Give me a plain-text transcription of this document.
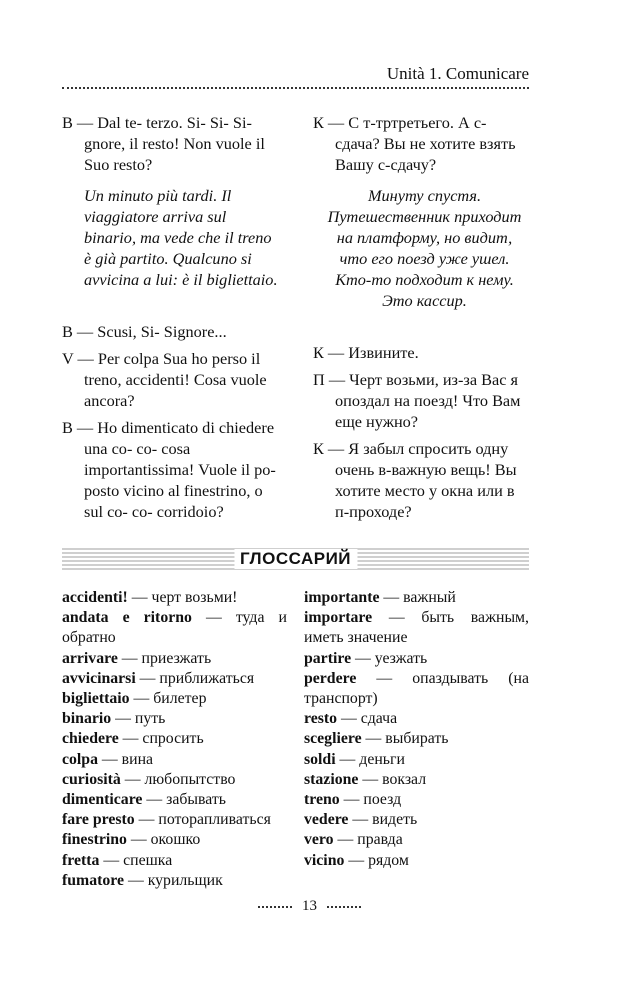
Unità 1. Comunicare

B — Dal te- terzo. Si- Si- Si- gnore, il resto! Non vuole il Suo resto?

Un minuto più tardi. Il viaggiatore arriva sul binario, ma vede che il treno è già partito. Qualcuno si avvicina a lui: è il bigliettaio.

B — Scusi, Si- Signore...

V — Per colpa Sua ho perso il treno, accidenti! Cosa vuole ancora?

B — Ho dimenticato di chiedere una co- co- cosa importantissima! Vuole il po- posto vicino al finestrino, o sul co- co- corridoio?

К — С т-тртретьего. А с-сдача? Вы не хотите взять Вашу с-сдачу?

Минуту спустя. Путешественник приходит на платформу, но видит, что его поезд уже ушел. Кто-то подходит к нему. Это кассир.

К — Извините.

П — Черт возьми, из-за Вас я опоздал на поезд! Что Вам еще нужно?

К — Я забыл спросить одну очень в-важную вещь! Вы хотите место у окна или в п-проходе?

ГЛОССАРИЙ

accidenti! — черт возьми!

andata e ritorno — туда и обратно

arrivare — приезжать

avvicinarsi — приближаться

bigliettaio — билетер

binario — путь

chiedere — спросить

colpa — вина

curiosità — любопытство

dimenticare — забывать

fare presto — поторапливаться

finestrino — окошко

fretta — спешка

fumatore — курильщик

importante — важный

importare — быть важным, иметь значение

partire — уезжать

perdere — опаздывать (на транспорт)

resto — сдача

scegliere — выбирать

soldi — деньги

stazione — вокзал

treno — поезд

vedere — видеть

vero — правда

vicino — рядом

13
